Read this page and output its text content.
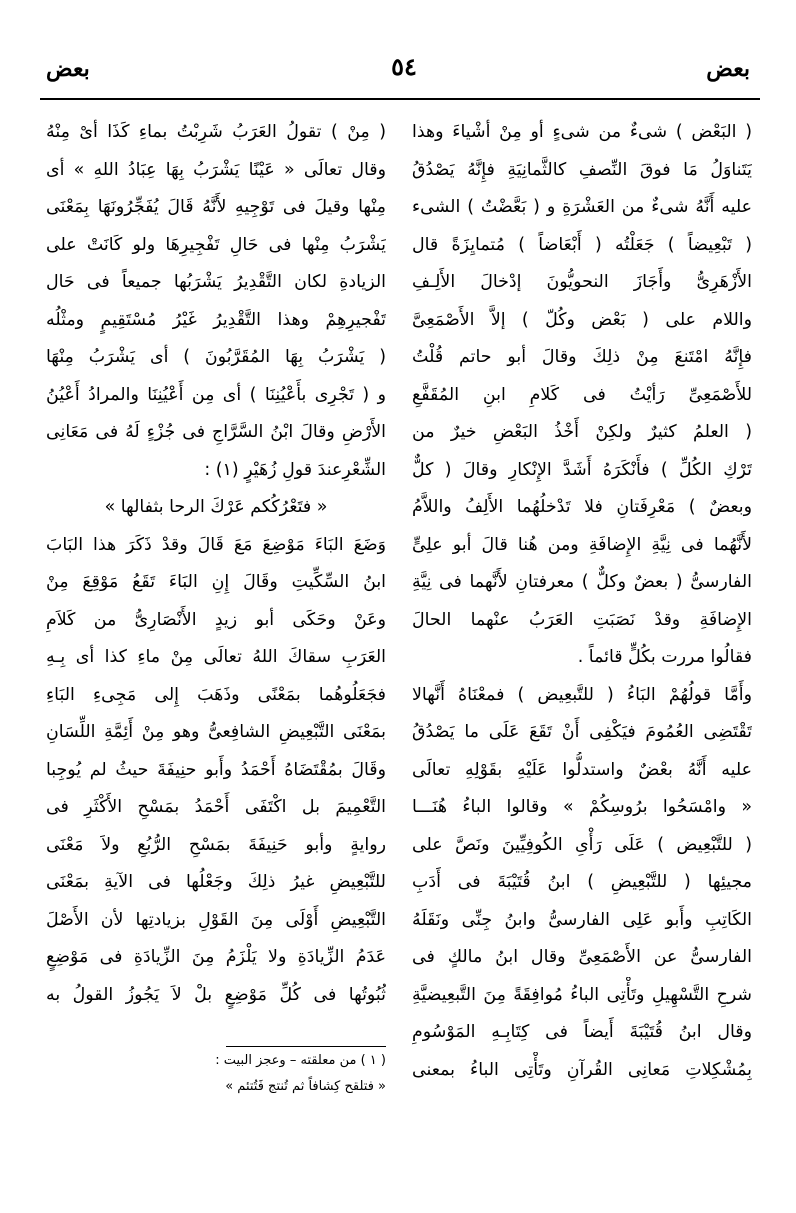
بعض
٥٤
بعض
( البَعْض ) شىءٌ من شىءٍ أو مِنْ أشْياءَ وهذا
يَتَناوَلُ مَا فوقَ النِّصفِ كالثَّمانِيَةِ فإِنَّهُ يَصْدُقُ
عليه أَنَّهُ شىءٌ من العَشْرَةِ و ( بَعَّضْتُ ) الشىء
( تَبْعِيضاً ) جَعَلْتُه ( أَبْعَاضاً ) مُتمايِزَةً قال
الأَزْهَرِىُّ وأَجَازَ النحويُّونَ إدْخالَ الأَلِـفِ
واللام على ( بَعْض وكُلّ ) إلاَّ الأَصْمَعِىَّ
فإِنَّهُ امْتَنعَ مِنْ ذلِكَ وقالَ أبو حاتم قُلْتُ
للأَصْمَعِىِّ رَأيْتُ فى كَلامِ ابنِ المُقَفَّعِ
( العلمُ كثيرٌ ولكِنْ أَخْذُ البَعْضِ خيرٌ من
تَرْكِ الكُلِّ ) فأَنْكَرَهُ أَشَدَّ الإِنْكارِ وقالَ ( كلٌّ
وبعضٌ ) مَعْرِفَتانِ فلا تَدْخلُهُما الأَلِفُ واللاَّمُ
لأَنَّهُما فى نِيَّةِ الإِضافَةِ ومن هُنا قالَ أبو علِىٍّ
الفارسىُّ ( بعضٌ وكلٌّ ) معرفتانِ لأَنَّهما فى نِيَّةِ
الإِضافَةِ وقدْ نَصَبَتِ العَرَبُ عنْهما الحالَ
فقالُوا مررت بكُلٍّ قائماً .
وأَمَّا قولُهُمْ البَاءُ ( للتَّبعِيض ) فمعْنَاهُ أَنَّهالا
تَقْتَضِى العُمُومَ فيَكْفِى أَنْ تَقَعَ عَلَى ما يَصْدُقُ
عليه أَنَّهُ بعْضٌ واستدلُّوا عَلَيْهِ بقَوْلِهِ تعالَى
« وامْسَحُوا برُوسِكُمْ » وقالوا الباءُ هُنَـــا
( للتَّبْعِيض ) عَلَى رَأْىِ الكُوفِيِّينَ ونَصَّ على
مجيئِها ( للتَّبْعِيضِ ) ابنُ قُتَيْبَةَ فى أَدَبِ
الكَاتِبِ وأَبو عَلِى الفارسىُّ وابنُ جِنِّى ونَقَلَهُ
الفارسىُّ عن الأَصْمَعِىِّ وقال ابنُ مالكٍ فى
شرحِ التَّسْهِيلِ وتَأْتِى الباءُ مُوافِقَةً مِنَ التَّبعِيضيَّةِ
وقال ابنُ قُتَيْبَةَ أَيضاً فى كِتَابِـهِ المَوْسُومِ
بِمُشْكِلاتِ مَعانِى القُرآنِ وتَأْتِى الباءُ بمعنى
( مِنْ ) تقولُ العَرَبُ شَرِبْتُ بماءِ كَذَا أىْ مِنْهُ
وقال تعالَى « عَيْنًا يَشْرَبُ بِهَا عِبَادُ اللهِ » أى
مِنْها وقيلَ فى تَوْجِيهِ لأَنَّهُ قَالَ يُفَجِّرُونَهَا بِمَعْنَى
يَشْرَبُ مِنْها فى حَالِ تَفْجِيرِهَا ولو كَانَتْ على
الزيادةِ لكان التَّقْدِيرُ يَشْرَبُها جميعاً فى حَال
تَفْجيرِهِمْ وهذا التَّقْدِيرُ غَيْرُ مُسْتَقِيمٍ ومثْلُه
( يَشْرَبُ بِهَا المُقَرَّبُونَ ) أى يَشْرَبُ مِنْهَا
و ( تَجْرِى بأَعْيُنِنَا ) أى مِن أَعْيُنِنَا والمرادُ أَعْيُنُ
الأَرْضِ وقالَ ابْنُ السَّرَّاجِ فى جُزْءٍ لَهُ فى مَعَانِى
الشِّعْرِعندَ قولِ زُهَيْرٍ (١) :
« فتَعْرُكُكم عَرْكَ الرحا بثفالها »
وَضَعَ البَاءَ مَوْضِعَ مَعَ قَالَ وقدْ ذَكَرَ هذا البَابَ
ابنُ السِّكِّيتِ وقَالَ إِنِ البَاءَ تَقَعُ مَوْقِعَ مِنْ
وعَنْ وحَكَى أبو زيدٍ الأَنْصَارِىُّ من كَلاَمِ
العَرَبِ سقاكَ اللهُ تعالَى مِنْ ماءِ كذا أى بِـهِ
فجَعَلُوهُما بمَعْنًى وذَهَبَ إِلى مَجِىءِ البَاءِ
بمَعْنَى التَّبْعِيضِ الشافِعىُّ وهو مِنْ أَئِمَّةِ اللِّسَانِ
وقَالَ بمُقْتَضَاهُ أَحْمَدُ وأَبو حنِيفَةَ حيثُ لم يُوجِبا
التَّعْمِيمَ بل اكْتَفَى أَحْمَدُ بمَسْحِ الأَكْثَرِ فى
روايةٍ وأبو حَنِيفَةَ بمَسْحِ الرُّبُعِ ولاَ مَعْنَى
للتَّبْعِيضِ غيرُ ذلِكَ وجَعْلُها فى الآيةِ بمَعْنَى
التَّبْعِيضِ أَوْلَى مِنَ القَوْلِ بزيادتِها لأن الأَصْلَ
عَدَمُ الزِّيادَةِ ولا يَلْزَمُ مِنَ الزِّيادَةِ فى مَوْضِعٍ
ثُبُوتُها فى كُلِّ مَوْضِعٍ بلْ لاَ يَجُوزُ القولُ به
( ١ ) من معلقته – وعجز البيت :
« فتلقح كِشافاً ثم تُنتج فَتُتئم »
